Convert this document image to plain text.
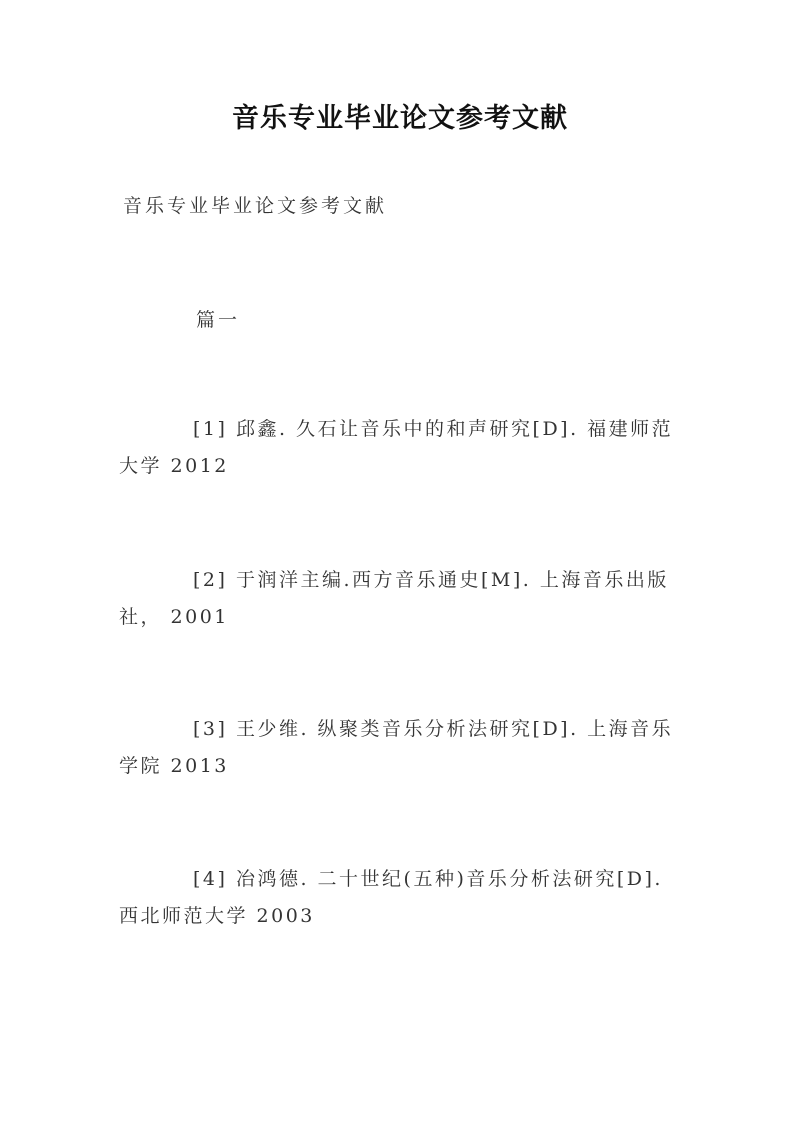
音乐专业毕业论文参考文献

音乐专业毕业论文参考文献

篇一

[1] 邱鑫. 久石让音乐中的和声研究[D]. 福建师范
大学 2012

[2] 于润洋主编.西方音乐通史[M]. 上海音乐出版
社， 2001

[3] 王少维. 纵聚类音乐分析法研究[D]. 上海音乐
学院 2013

[4] 冶鸿德. 二十世纪(五种)音乐分析法研究[D].
西北师范大学 2003
